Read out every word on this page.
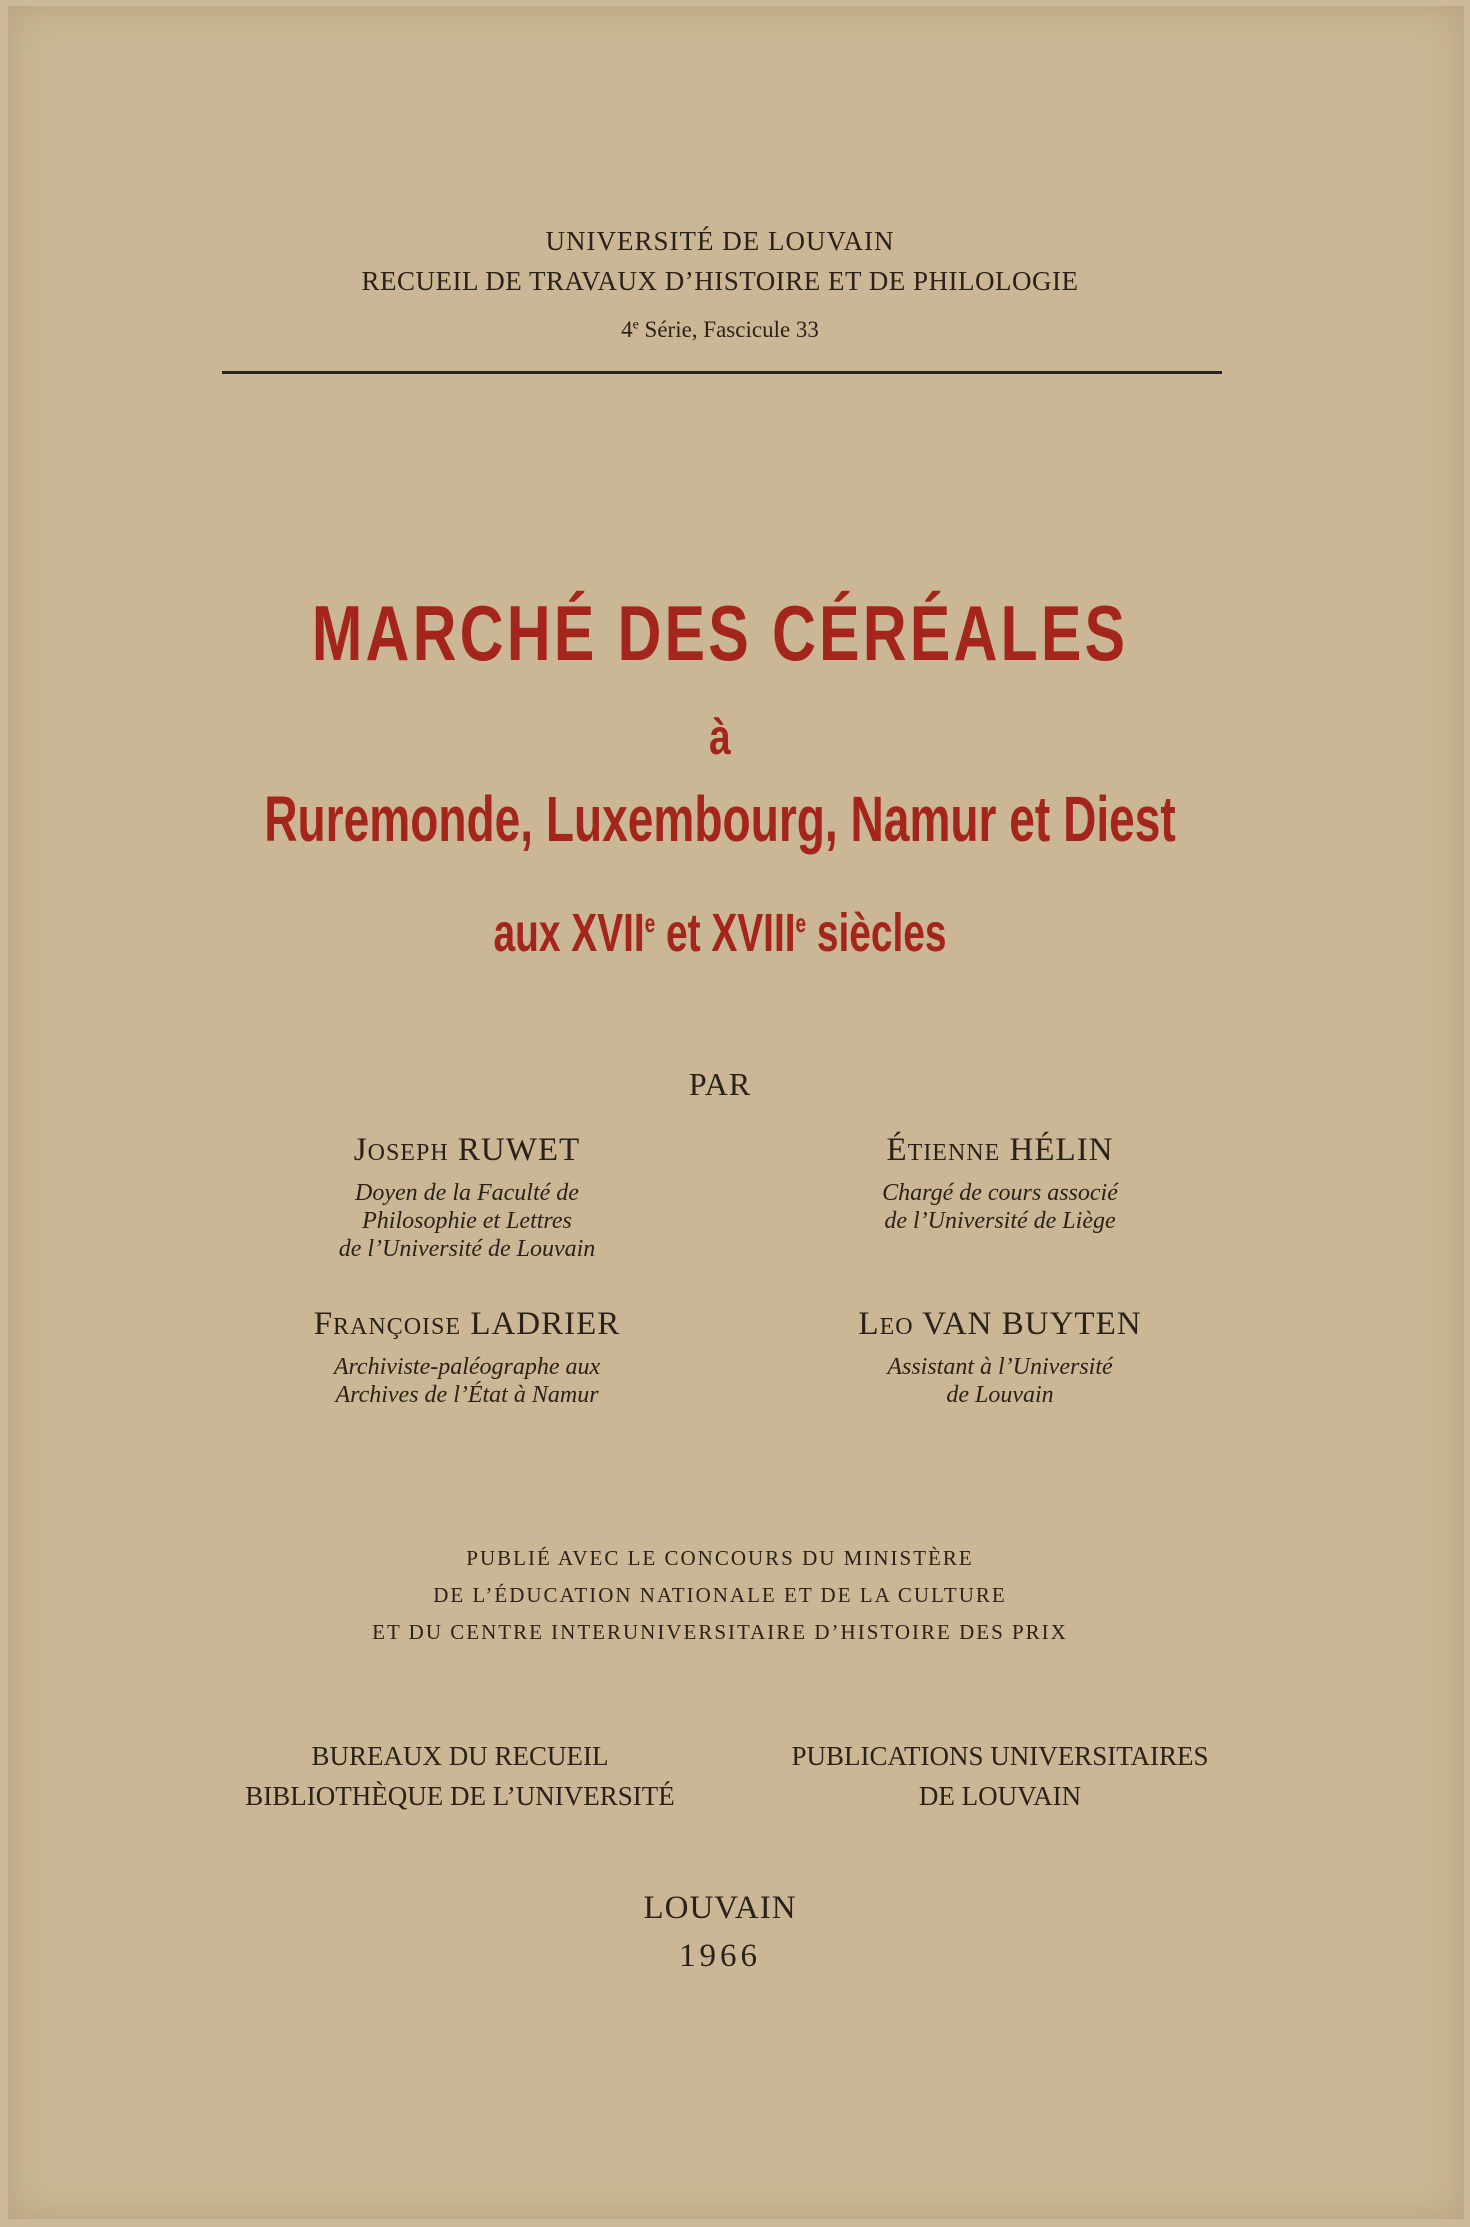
UNIVERSITÉ DE LOUVAIN
RECUEIL DE TRAVAUX D’HISTOIRE ET DE PHILOLOGIE
4e Série, Fascicule 33
MARCHÉ DES CÉRÉALES
à
Ruremonde, Luxembourg, Namur et Diest
aux XVIIe et XVIIIe siècles
PAR
JOSEPH RUWET
Doyen de la Faculté de
Philosophie et Lettres
de l’Université de Louvain
ÉTIENNE HÉLIN
Chargé de cours associé
de l’Université de Liège
FRANÇOISE LADRIER
Archiviste-paléographe aux
Archives de l’État à Namur
LEO VAN BUYTEN
Assistant à l’Université
de Louvain
PUBLIÉ AVEC LE CONCOURS DU MINISTÈRE
DE L’ÉDUCATION NATIONALE ET DE LA CULTURE
ET DU CENTRE INTERUNIVERSITAIRE D’HISTOIRE DES PRIX
BUREAUX DU RECUEIL
BIBLIOTHÈQUE DE L’UNIVERSITÉ
PUBLICATIONS UNIVERSITAIRES
DE LOUVAIN
LOUVAIN
1966
